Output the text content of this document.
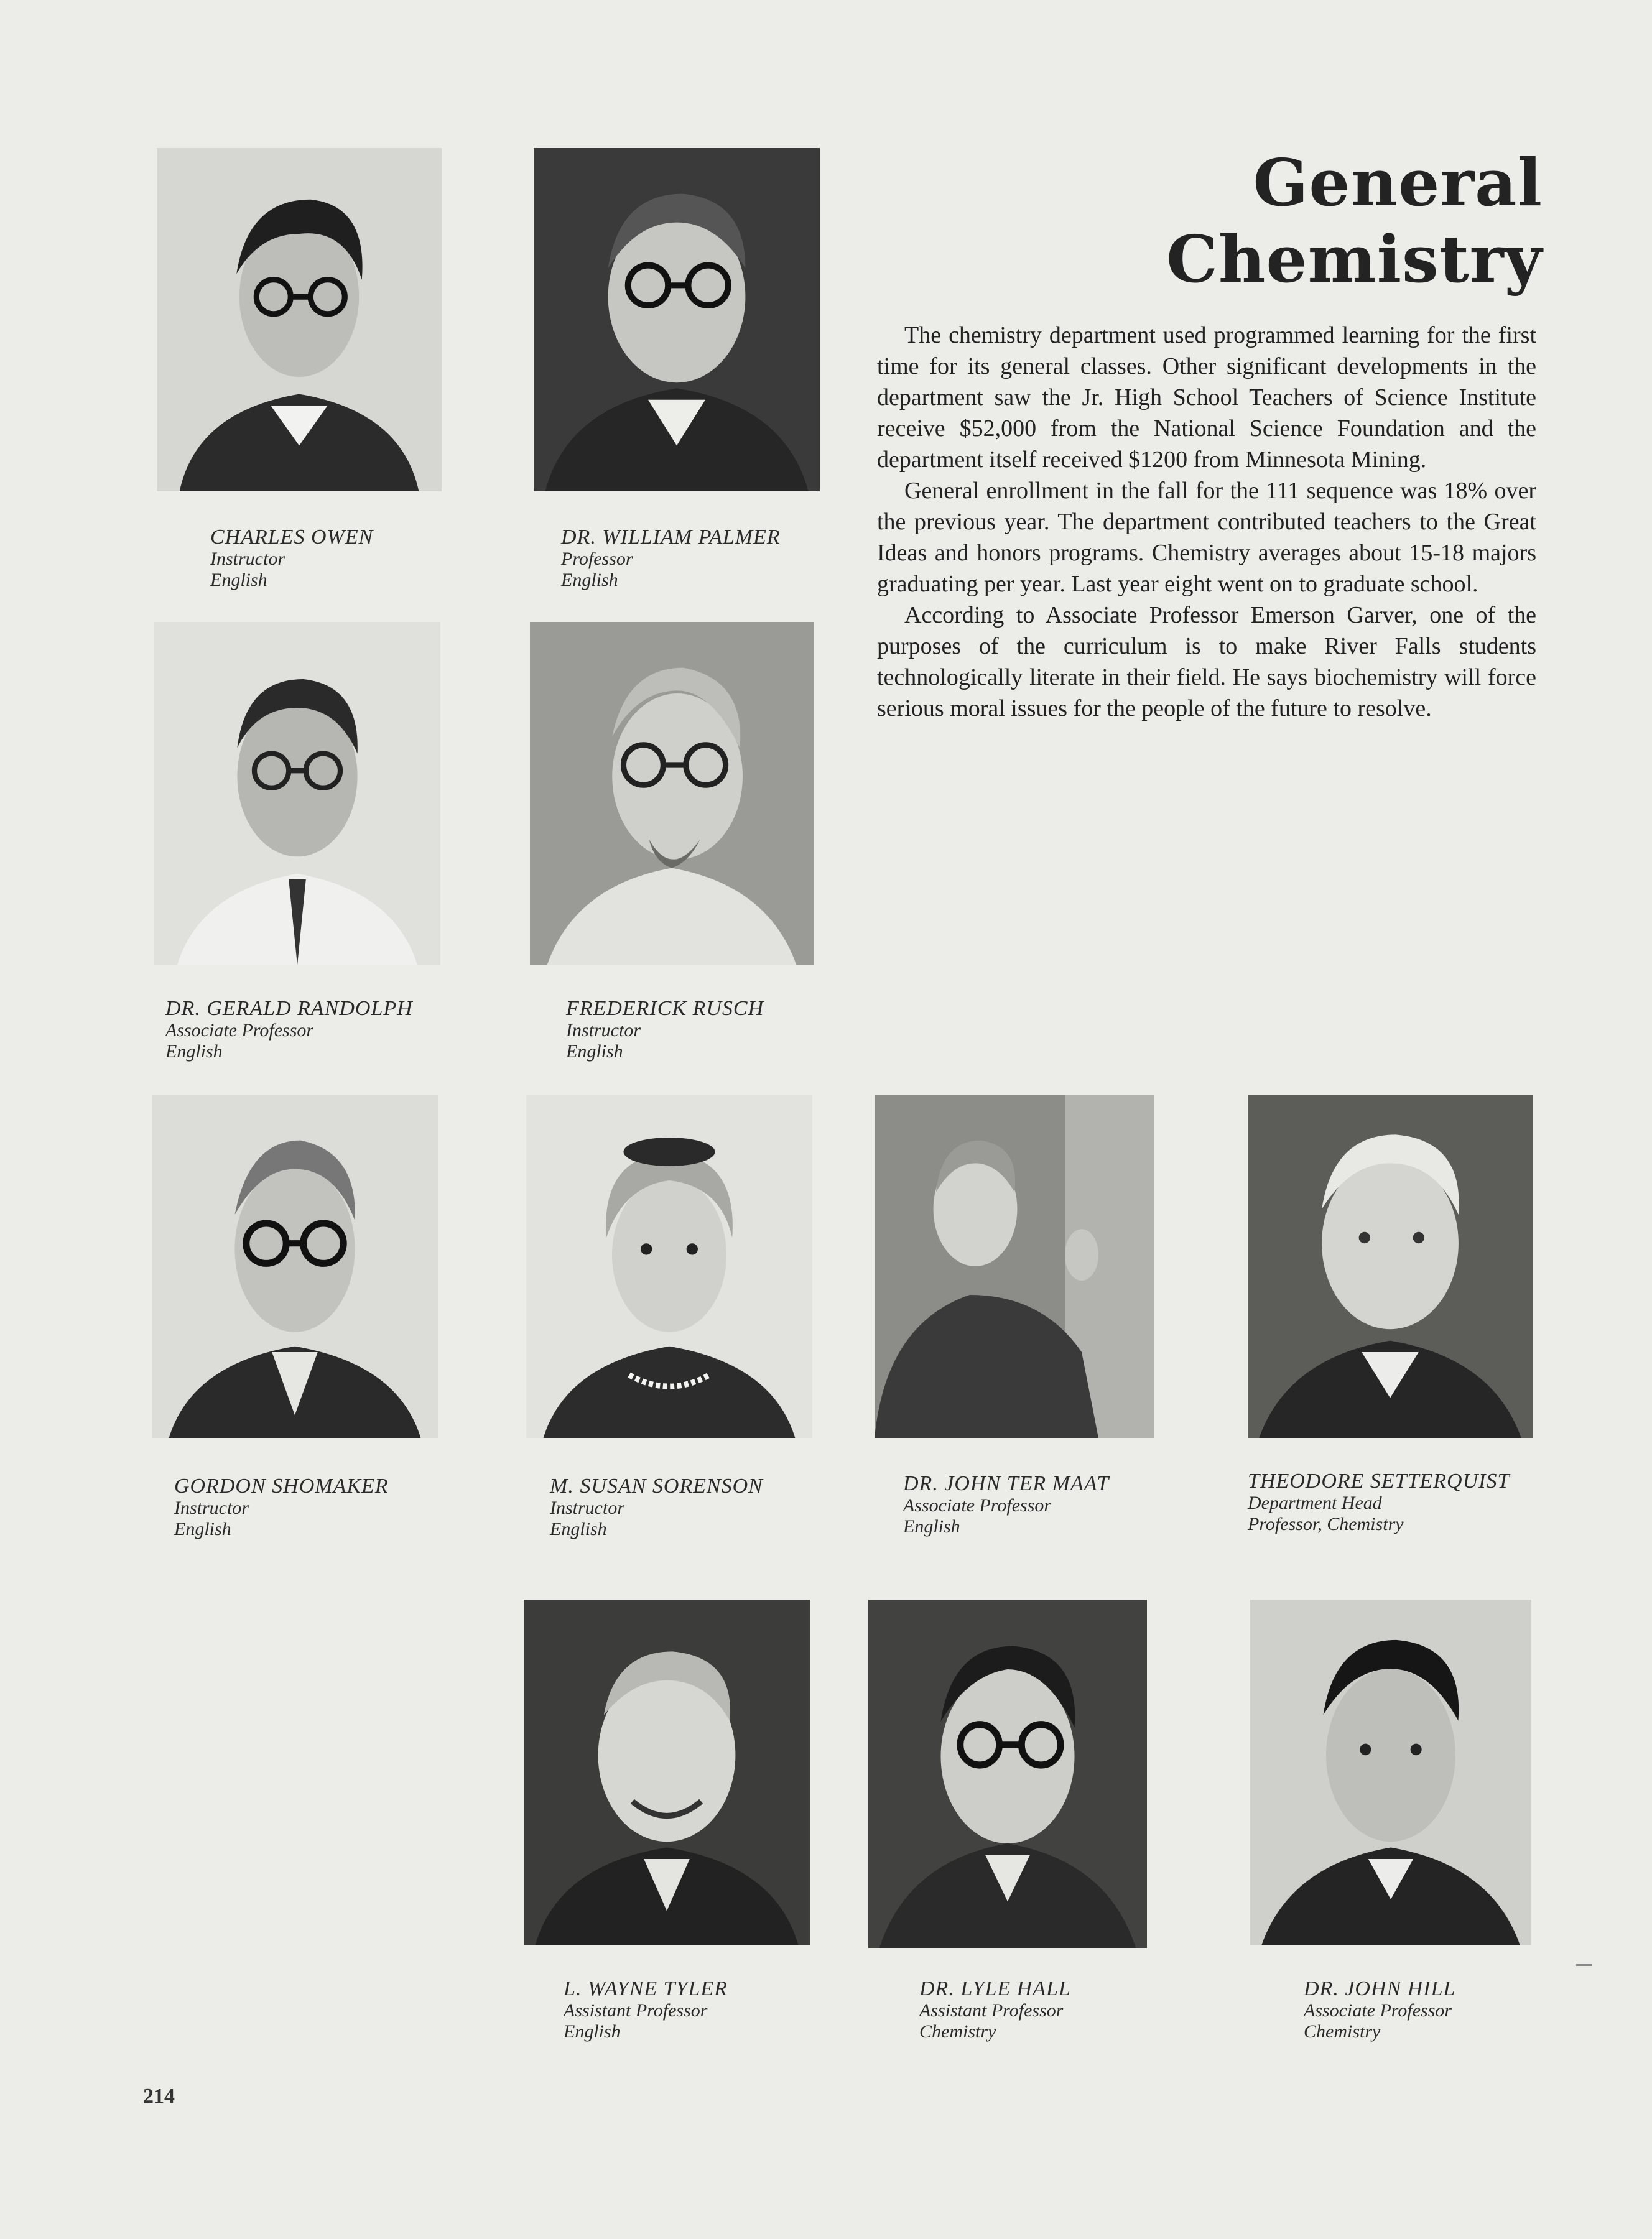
General Chemistry

The chemistry department used programmed learning for the first time for its general classes. Other significant developments in the department saw the Jr. High School Teachers of Science Institute receive $52,000 from the National Science Foundation and the department itself received $1200 from Minnesota Mining.

General enrollment in the fall for the 111 sequence was 18% over the previous year. The department contributed teachers to the Great Ideas and honors programs. Chemistry averages about 15-18 majors graduating per year. Last year eight went on to graduate school.

According to Associate Professor Emerson Garver, one of the purposes of the curriculum is to make River Falls students technologically literate in their field. He says biochemistry will force serious moral issues for the people of the future to resolve.

CHARLES OWEN
Instructor
English
DR. WILLIAM PALMER
Professor
English
DR. GERALD RANDOLPH
Associate Professor
English
FREDERICK RUSCH
Instructor
English
GORDON SHOMAKER
Instructor
English
M. SUSAN SORENSON
Instructor
English
DR. JOHN TER MAAT
Associate Professor
English
THEODORE SETTERQUIST
Department Head
Professor, Chemistry
L. WAYNE TYLER
Assistant Professor
English
DR. LYLE HALL
Assistant Professor
Chemistry
DR. JOHN HILL
Associate Professor
Chemistry
214
